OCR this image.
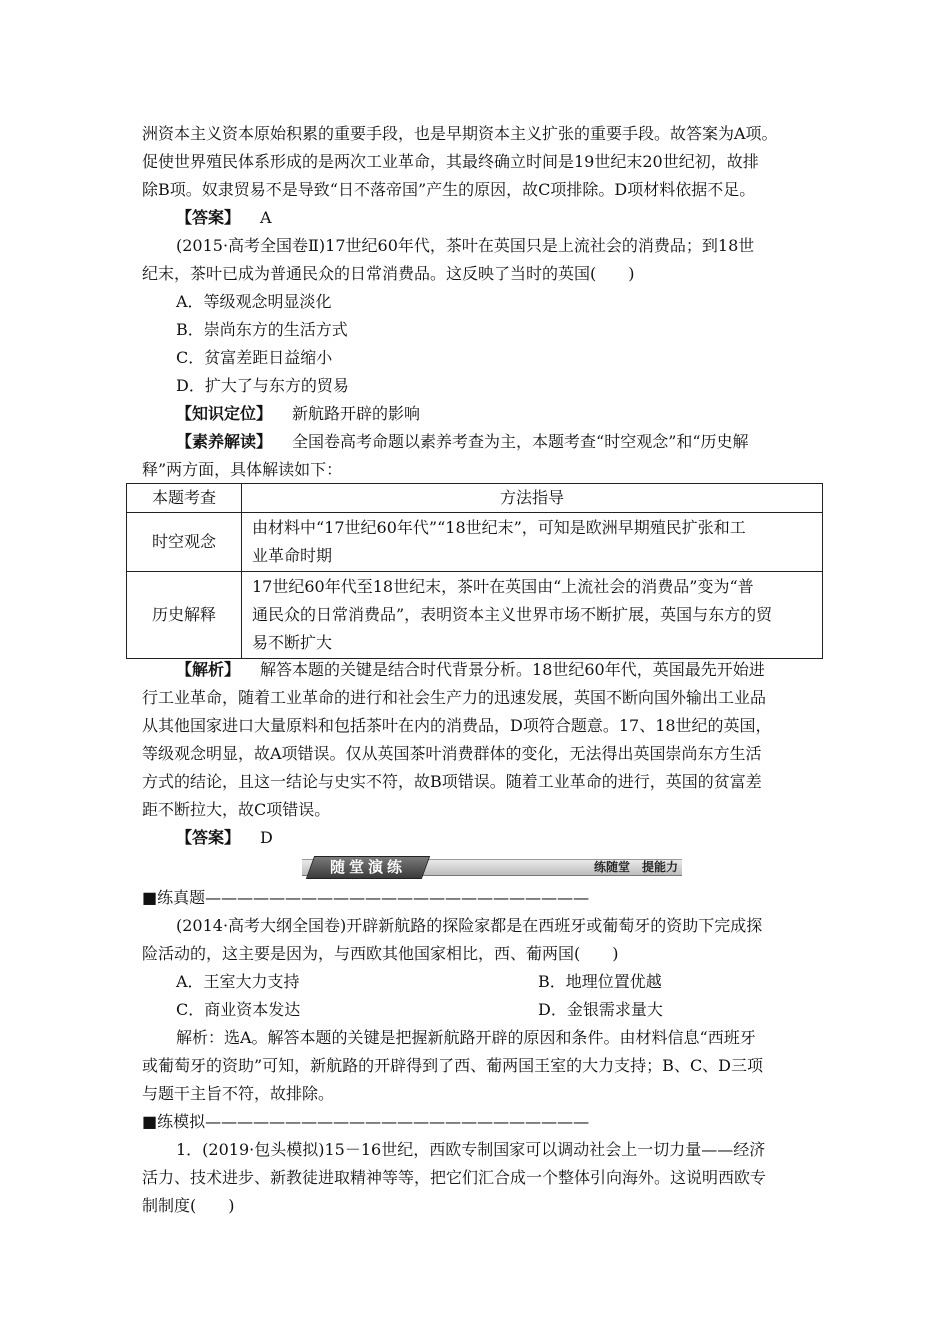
洲资本主义资本原始积累的重要手段，也是早期资本主义扩张的重要手段。故答案为A项。
促使世界殖民体系形成的是两次工业革命，其最终确立时间是19世纪末20世纪初，故排
除B项。奴隶贸易不是导致“日不落帝国”产生的原因，故C项排除。D项材料依据不足。
【答案】 A
(2015·高考全国卷Ⅱ)17世纪60年代，茶叶在英国只是上流社会的消费品；到18世
纪末，茶叶已成为普通民众的日常消费品。这反映了当时的英国(　　)
A．等级观念明显淡化
B．崇尚东方的生活方式
C．贫富差距日益缩小
D．扩大了与东方的贸易
【知识定位】 新航路开辟的影响
【素养解读】 全国卷高考命题以素养考查为主，本题考查“时空观念”和“历史解
释”两方面，具体解读如下：
本题考查	方法指导
时空观念	由材料中“17世纪60年代”“18世纪末”，可知是欧洲早期殖民扩张和工
业革命时期

历史解释	17世纪60年代至18世纪末，茶叶在英国由“上流社会的消费品”变为“普
通民众的日常消费品”，表明资本主义世界市场不断扩展，英国与东方的贸
易不断扩大
【解析】 解答本题的关键是结合时代背景分析。18世纪60年代，英国最先开始进
行工业革命，随着工业革命的进行和社会生产力的迅速发展，英国不断向国外输出工业品
从其他国家进口大量原料和包括茶叶在内的消费品，D项符合题意。17、18世纪的英国，
等级观念明显，故A项错误。仅从英国茶叶消费群体的变化，无法得出英国崇尚东方生活
方式的结论，且这一结论与史实不符，故B项错误。随着工业革命的进行，英国的贫富差
距不断拉大，故C项错误。
【答案】 D
随堂演练	练随堂　提能力
■练真题————————————————————————
(2014·高考大纲全国卷)开辟新航路的探险家都是在西班牙或葡萄牙的资助下完成探
险活动的，这主要是因为，与西欧其他国家相比，西、葡两国(　　)
A．王室大力支持	B．地理位置优越
C．商业资本发达	D．金银需求量大
解析：选A。解答本题的关键是把握新航路开辟的原因和条件。由材料信息“西班牙
或葡萄牙的资助”可知，新航路的开辟得到了西、葡两国王室的大力支持；B、C、D三项
与题干主旨不符，故排除。
■练模拟————————————————————————
1．(2019·包头模拟)15－16世纪，西欧专制国家可以调动社会上一切力量——经济
活力、技术进步、新教徒进取精神等等，把它们汇合成一个整体引向海外。这说明西欧专
制制度(　　)
